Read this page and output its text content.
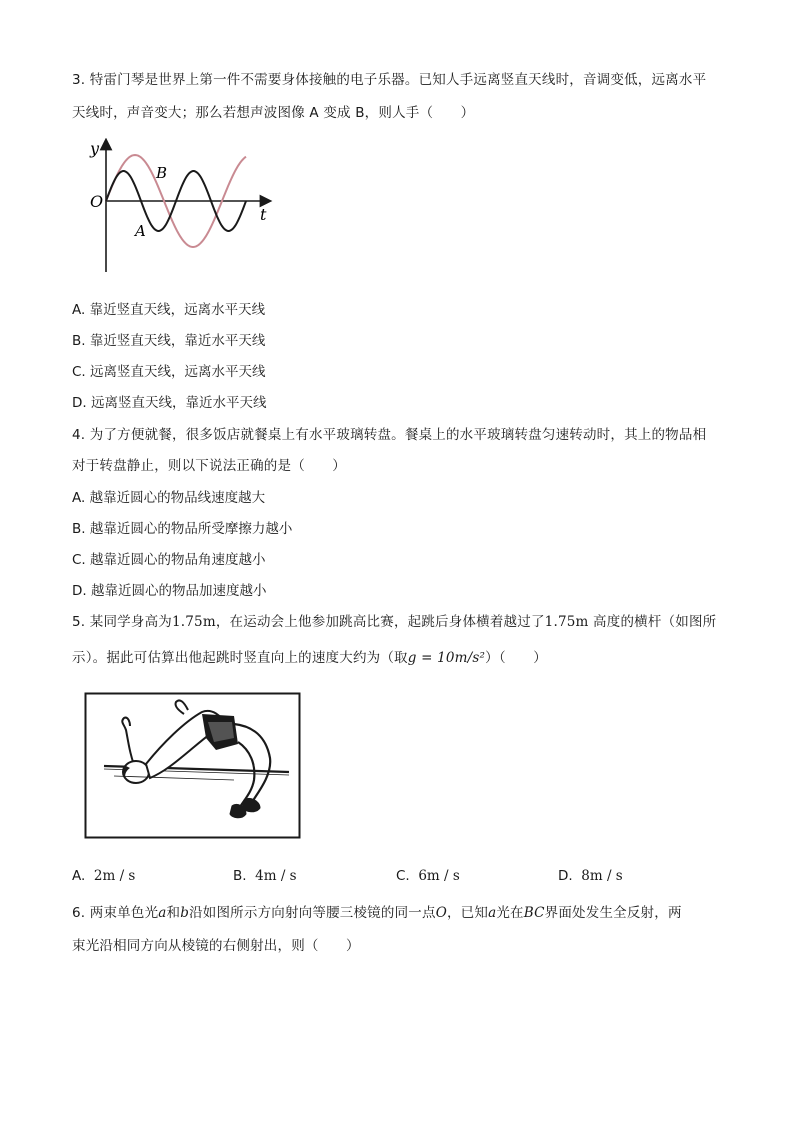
3. 特雷门琴是世界上第一件不需要身体接触的电子乐器。已知人手远离竖直天线时，音调变低，远离水平
天线时，声音变大；那么若想声波图像 A 变成 B，则人手（　　）
y
t
O
B
A
A. 靠近竖直天线，远离水平天线
B. 靠近竖直天线，靠近水平天线
C. 远离竖直天线，远离水平天线
D. 远离竖直天线，靠近水平天线
4. 为了方便就餐，很多饭店就餐桌上有水平玻璃转盘。餐桌上的水平玻璃转盘匀速转动时，其上的物品相
对于转盘静止，则以下说法正确的是（　　）
A. 越靠近圆心的物品线速度越大
B. 越靠近圆心的物品所受摩擦力越小
C. 越靠近圆心的物品角速度越小
D. 越靠近圆心的物品加速度越小
5. 某同学身高为1.75m，在运动会上他参加跳高比赛，起跳后身体横着越过了1.75m 高度的横杆（如图所
示）。据此可估算出他起跳时竖直向上的速度大约为（取g = 10m/s²）（　　）
A. 2m / s	B. 4m / s	C. 6m / s	D. 8m / s
6. 两束单色光a和b沿如图所示方向射向等腰三棱镜的同一点O，已知a光在BC界面处发生全反射，两
束光沿相同方向从棱镜的右侧射出，则（　　）
